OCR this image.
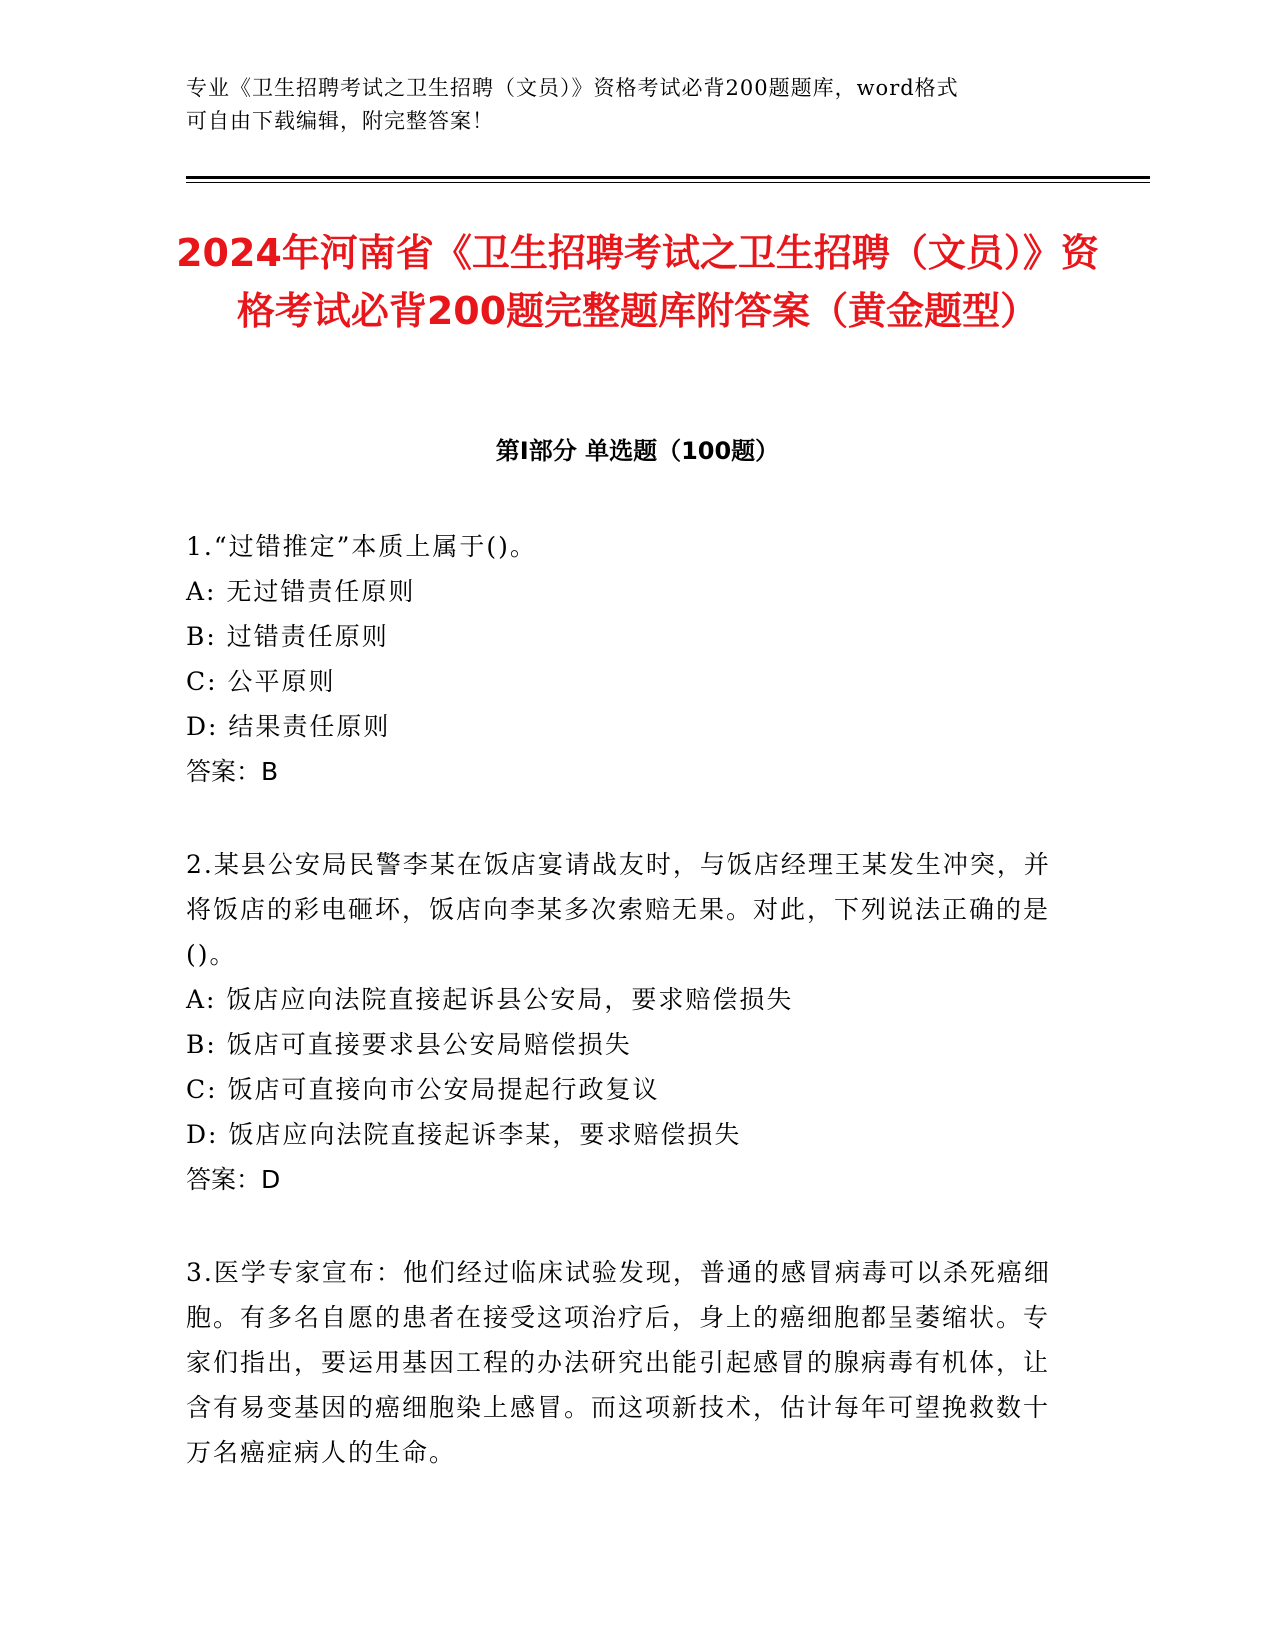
专业《卫生招聘考试之卫生招聘（文员）》资格考试必背200题题库，word格式

可自由下载编辑，附完整答案！

2024年河南省《卫生招聘考试之卫生招聘（文员）》资格考试必背200题完整题库附答案（黄金题型）
第Ⅰ部分 单选题（100题）

1.“过错推定”本质上属于()。

A: 无过错责任原则

B: 过错责任原则

C: 公平原则

D: 结果责任原则

答案：B

2.某县公安局民警李某在饭店宴请战友时，与饭店经理王某发生冲突，并将饭店的彩电砸坏，饭店向李某多次索赔无果。对此，下列说法正确的是()。

A: 饭店应向法院直接起诉县公安局，要求赔偿损失

B: 饭店可直接要求县公安局赔偿损失

C: 饭店可直接向市公安局提起行政复议

D: 饭店应向法院直接起诉李某，要求赔偿损失

答案：D

3.医学专家宣布：他们经过临床试验发现，普通的感冒病毒可以杀死癌细胞。有多名自愿的患者在接受这项治疗后，身上的癌细胞都呈萎缩状。专家们指出，要运用基因工程的办法研究出能引起感冒的腺病毒有机体，让含有易变基因的癌细胞染上感冒。而这项新技术，估计每年可望挽救数十万名癌症病人的生命。
